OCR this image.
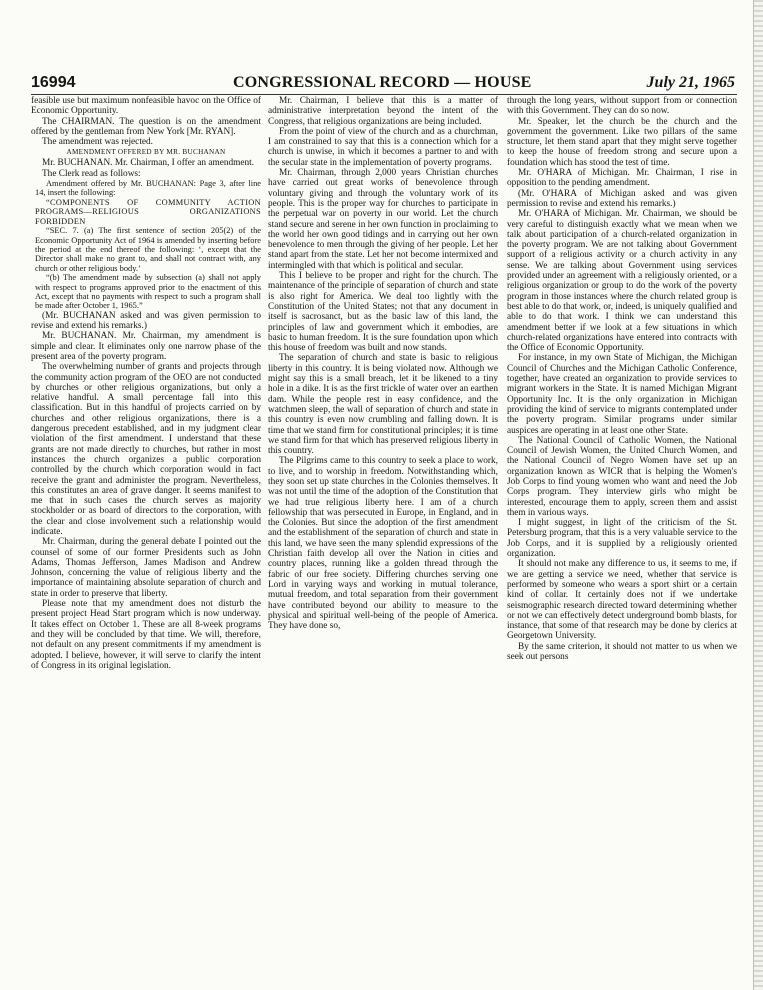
16994	CONGRESSIONAL RECORD — HOUSE	July 21, 1965

feasible use but maximum nonfeasible havoc on the Office of Economic Opportunity.

The CHAIRMAN. The question is on the amendment offered by the gentleman from New York [Mr. RYAN].

The amendment was rejected.

AMENDMENT OFFERED BY MR. BUCHANAN

Mr. BUCHANAN. Mr. Chairman, I offer an amendment.

The Clerk read as follows:

Amendment offered by Mr. BUCHANAN: Page 3, after line 14, insert the following:

“COMPONENTS OF COMMUNITY ACTION PROGRAMS—RELIGIOUS ORGANIZATIONS FORBIDDEN

“SEC. 7. (a) The first sentence of section 205(2) of the Economic Opportunity Act of 1964 is amended by inserting before the period at the end thereof the following: ‘, except that the Director shall make no grant to, and shall not contract with, any church or other religious body.’

“(b) The amendment made by subsection (a) shall not apply with respect to programs approved prior to the enactment of this Act, except that no payments with respect to such a program shall be made after October 1, 1965.”

(Mr. BUCHANAN asked and was given permission to revise and extend his remarks.)

Mr. BUCHANAN. Mr. Chairman, my amendment is simple and clear. It eliminates only one narrow phase of the present area of the poverty program.

The overwhelming number of grants and projects through the community action program of the OEO are not conducted by churches or other religious organizations, but only a relative handful. A small percentage fall into this classification. But in this handful of projects carried on by churches and other religious organizations, there is a dangerous precedent established, and in my judgment clear violation of the first amendment. I understand that these grants are not made directly to churches, but rather in most instances the church organizes a public corporation controlled by the church which corporation would in fact receive the grant and administer the program. Nevertheless, this constitutes an area of grave danger. It seems manifest to me that in such cases the church serves as majority stockholder or as board of directors to the corporation, with the clear and close involvement such a relationship would indicate.

Mr. Chairman, during the general debate I pointed out the counsel of some of our former Presidents such as John Adams, Thomas Jefferson, James Madison and Andrew Johnson, concerning the value of religious liberty and the importance of maintaining absolute separation of church and state in order to preserve that liberty.

Please note that my amendment does not disturb the present project Head Start program which is now underway. It takes effect on October 1. These are all 8-week programs and they will be concluded by that time. We will, therefore, not default on any present commitments if my amendment is adopted. I believe, however, it will serve to clarify the intent of Congress in its original legislation.

Mr. Chairman, I believe that this is a matter of administrative interpretation beyond the intent of the Congress, that religious organizations are being included.

From the point of view of the church and as a churchman, I am constrained to say that this is a connection which for a church is unwise, in which it becomes a partner to and with the secular state in the implementation of poverty programs.

Mr. Chairman, through 2,000 years Christian churches have carried out great works of benevolence through voluntary giving and through the voluntary work of its people. This is the proper way for churches to participate in the perpetual war on poverty in our world. Let the church stand secure and serene in her own function in proclaiming to the world her own good tidings and in carrying out her own benevolence to men through the giving of her people. Let her stand apart from the state. Let her not become intermixed and intermingled with that which is political and secular.

This I believe to be proper and right for the church. The maintenance of the principle of separation of church and state is also right for America. We deal too lightly with the Constitution of the United States; not that any document in itself is sacrosanct, but as the basic law of this land, the principles of law and government which it embodies, are basic to human freedom. It is the sure foundation upon which this house of freedom was built and now stands.

The separation of church and state is basic to religious liberty in this country. It is being violated now. Although we might say this is a small breach, let it be likened to a tiny hole in a dike. It is as the first trickle of water over an earthen dam. While the people rest in easy confidence, and the watchmen sleep, the wall of separation of church and state in this country is even now crumbling and falling down. It is time that we stand firm for constitutional principles; it is time we stand firm for that which has preserved religious liberty in this country.

The Pilgrims came to this country to seek a place to work, to live, and to worship in freedom. Notwithstanding which, they soon set up state churches in the Colonies themselves. It was not until the time of the adoption of the Constitution that we had true religious liberty here. I am of a church fellowship that was persecuted in Europe, in England, and in the Colonies. But since the adoption of the first amendment and the establishment of the separation of church and state in this land, we have seen the many splendid expressions of the Christian faith develop all over the Nation in cities and country places, running like a golden thread through the fabric of our free society. Differing churches serving one Lord in varying ways and working in mutual tolerance, mutual freedom, and total separation from their government have contributed beyond our ability to measure to the physical and spiritual well-being of the people of America. They have done so,

through the long years, without support from or connection with this Government. They can do so now.

Mr. Speaker, let the church be the church and the government the government. Like two pillars of the same structure, let them stand apart that they might serve together to keep the house of freedom strong and secure upon a foundation which has stood the test of time.

Mr. O'HARA of Michigan. Mr. Chairman, I rise in opposition to the pending amendment.

(Mr. O'HARA of Michigan asked and was given permission to revise and extend his remarks.)

Mr. O'HARA of Michigan. Mr. Chairman, we should be very careful to distinguish exactly what we mean when we talk about participation of a church-related organization in the poverty program. We are not talking about Government support of a religious activity or a church activity in any sense. We are talking about Government using services provided under an agreement with a religiously oriented, or a religious organization or group to do the work of the poverty program in those instances where the church related group is best able to do that work, or, indeed, is uniquely qualified and able to do that work. I think we can understand this amendment better if we look at a few situations in which church-related organizations have entered into contracts with the Office of Economic Opportunity.

For instance, in my own State of Michigan, the Michigan Council of Churches and the Michigan Catholic Conference, together, have created an organization to provide services to migrant workers in the State. It is named Michigan Migrant Opportunity Inc. It is the only organization in Michigan providing the kind of service to migrants contemplated under the poverty program. Similar programs under similar auspices are operating in at least one other State.

The National Council of Catholic Women, the National Council of Jewish Women, the United Church Women, and the National Council of Negro Women have set up an organization known as WICR that is helping the Women's Job Corps to find young women who want and need the Job Corps program. They interview girls who might be interested, encourage them to apply, screen them and assist them in various ways.

I might suggest, in light of the criticism of the St. Petersburg program, that this is a very valuable service to the Job Corps, and it is supplied by a religiously oriented organization.

It should not make any difference to us, it seems to me, if we are getting a service we need, whether that service is performed by someone who wears a sport shirt or a certain kind of collar. It certainly does not if we undertake seismographic research directed toward determining whether or not we can effectively detect underground bomb blasts, for instance, that some of that research may be done by clerics at Georgetown University.

By the same criterion, it should not matter to us when we seek out persons
